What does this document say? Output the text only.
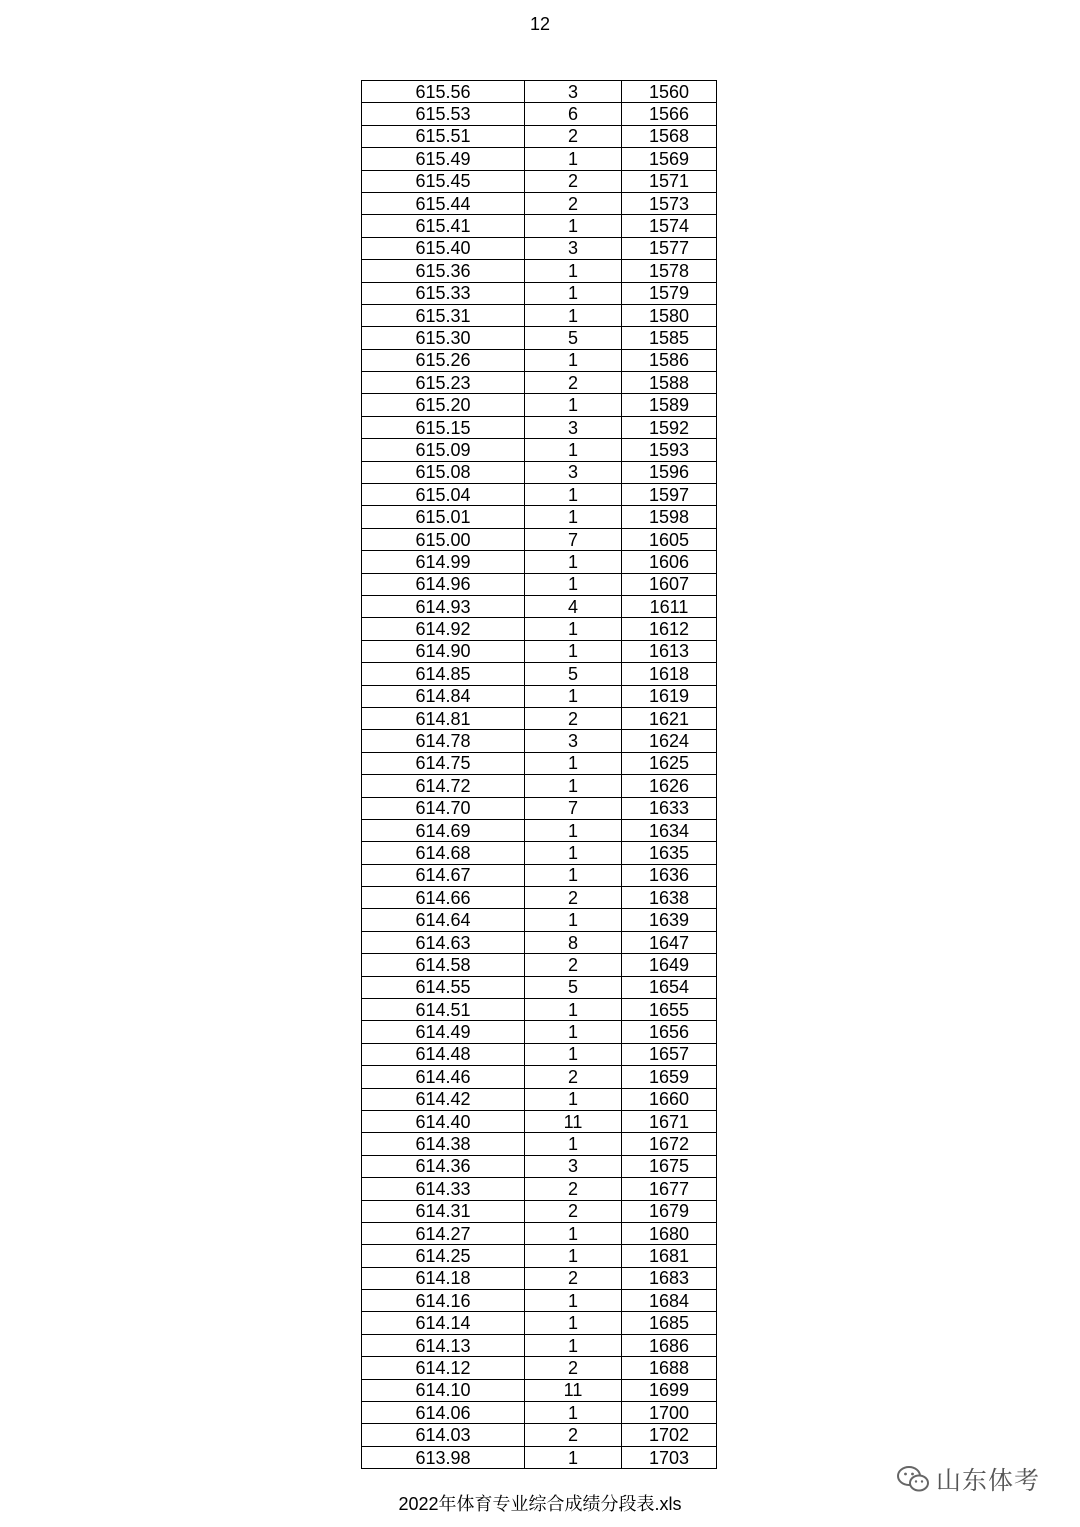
12
615.56	3	1560
615.53	6	1566
615.51	2	1568
615.49	1	1569
615.45	2	1571
615.44	2	1573
615.41	1	1574
615.40	3	1577
615.36	1	1578
615.33	1	1579
615.31	1	1580
615.30	5	1585
615.26	1	1586
615.23	2	1588
615.20	1	1589
615.15	3	1592
615.09	1	1593
615.08	3	1596
615.04	1	1597
615.01	1	1598
615.00	7	1605
614.99	1	1606
614.96	1	1607
614.93	4	1611
614.92	1	1612
614.90	1	1613
614.85	5	1618
614.84	1	1619
614.81	2	1621
614.78	3	1624
614.75	1	1625
614.72	1	1626
614.70	7	1633
614.69	1	1634
614.68	1	1635
614.67	1	1636
614.66	2	1638
614.64	1	1639
614.63	8	1647
614.58	2	1649
614.55	5	1654
614.51	1	1655
614.49	1	1656
614.48	1	1657
614.46	2	1659
614.42	1	1660
614.40	11	1671
614.38	1	1672
614.36	3	1675
614.33	2	1677
614.31	2	1679
614.27	1	1680
614.25	1	1681
614.18	2	1683
614.16	1	1684
614.14	1	1685
614.13	1	1686
614.12	2	1688
614.10	11	1699
614.06	1	1700
614.03	2	1702
613.98	1	1703
2022年体育专业综合成绩分段表.xls
山东体考
